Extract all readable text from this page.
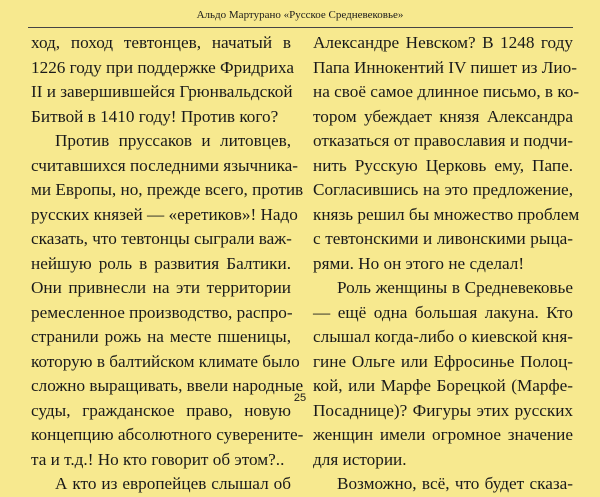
Альдо Мартурано «Русское Средневековье»
ход, поход тевтонцев, начатый в
1226 году при поддержке Фридриха
II и завершившейся Грюнвальдской
Битвой в 1410 году! Против кого?
Против пруссаков и литовцев,
считавшихся последними язычника-
ми Европы, но, прежде всего, против
русских князей — «еретиков»! Надо
сказать, что тевтонцы сыграли важ-
нейшую роль в развития Балтики.
Они привнесли на эти территории
ремесленное производство, распро-
странили рожь на месте пшеницы,
которую в балтийском климате было
сложно выращивать, ввели народные
суды, гражданское право, новую
концепцию абсолютного суверените-
та и т.д.! Но кто говорит об этом?..
А кто из европейцев слышал об
Александре Невском? В 1248 году
Папа Иннокентий IV пишет из Лио-
на своё самое длинное письмо, в ко-
тором убеждает князя Александра
отказаться от православия и подчи-
нить Русскую Церковь ему, Папе.
Согласившись на это предложение,
князь решил бы множество проблем
с тевтонскими и ливонскими рыца-
рями. Но он этого не сделал!
Роль женщины в Средневековье
— ещё одна большая лакуна. Кто
слышал когда-либо о киевской кня-
гине Ольге или Ефросинье Полоц-
кой, или Марфе Борецкой (Марфе-
Посаднице)? Фигуры этих русских
женщин имели огромное значение
для истории.
Возможно, всё, что будет сказа-
25
